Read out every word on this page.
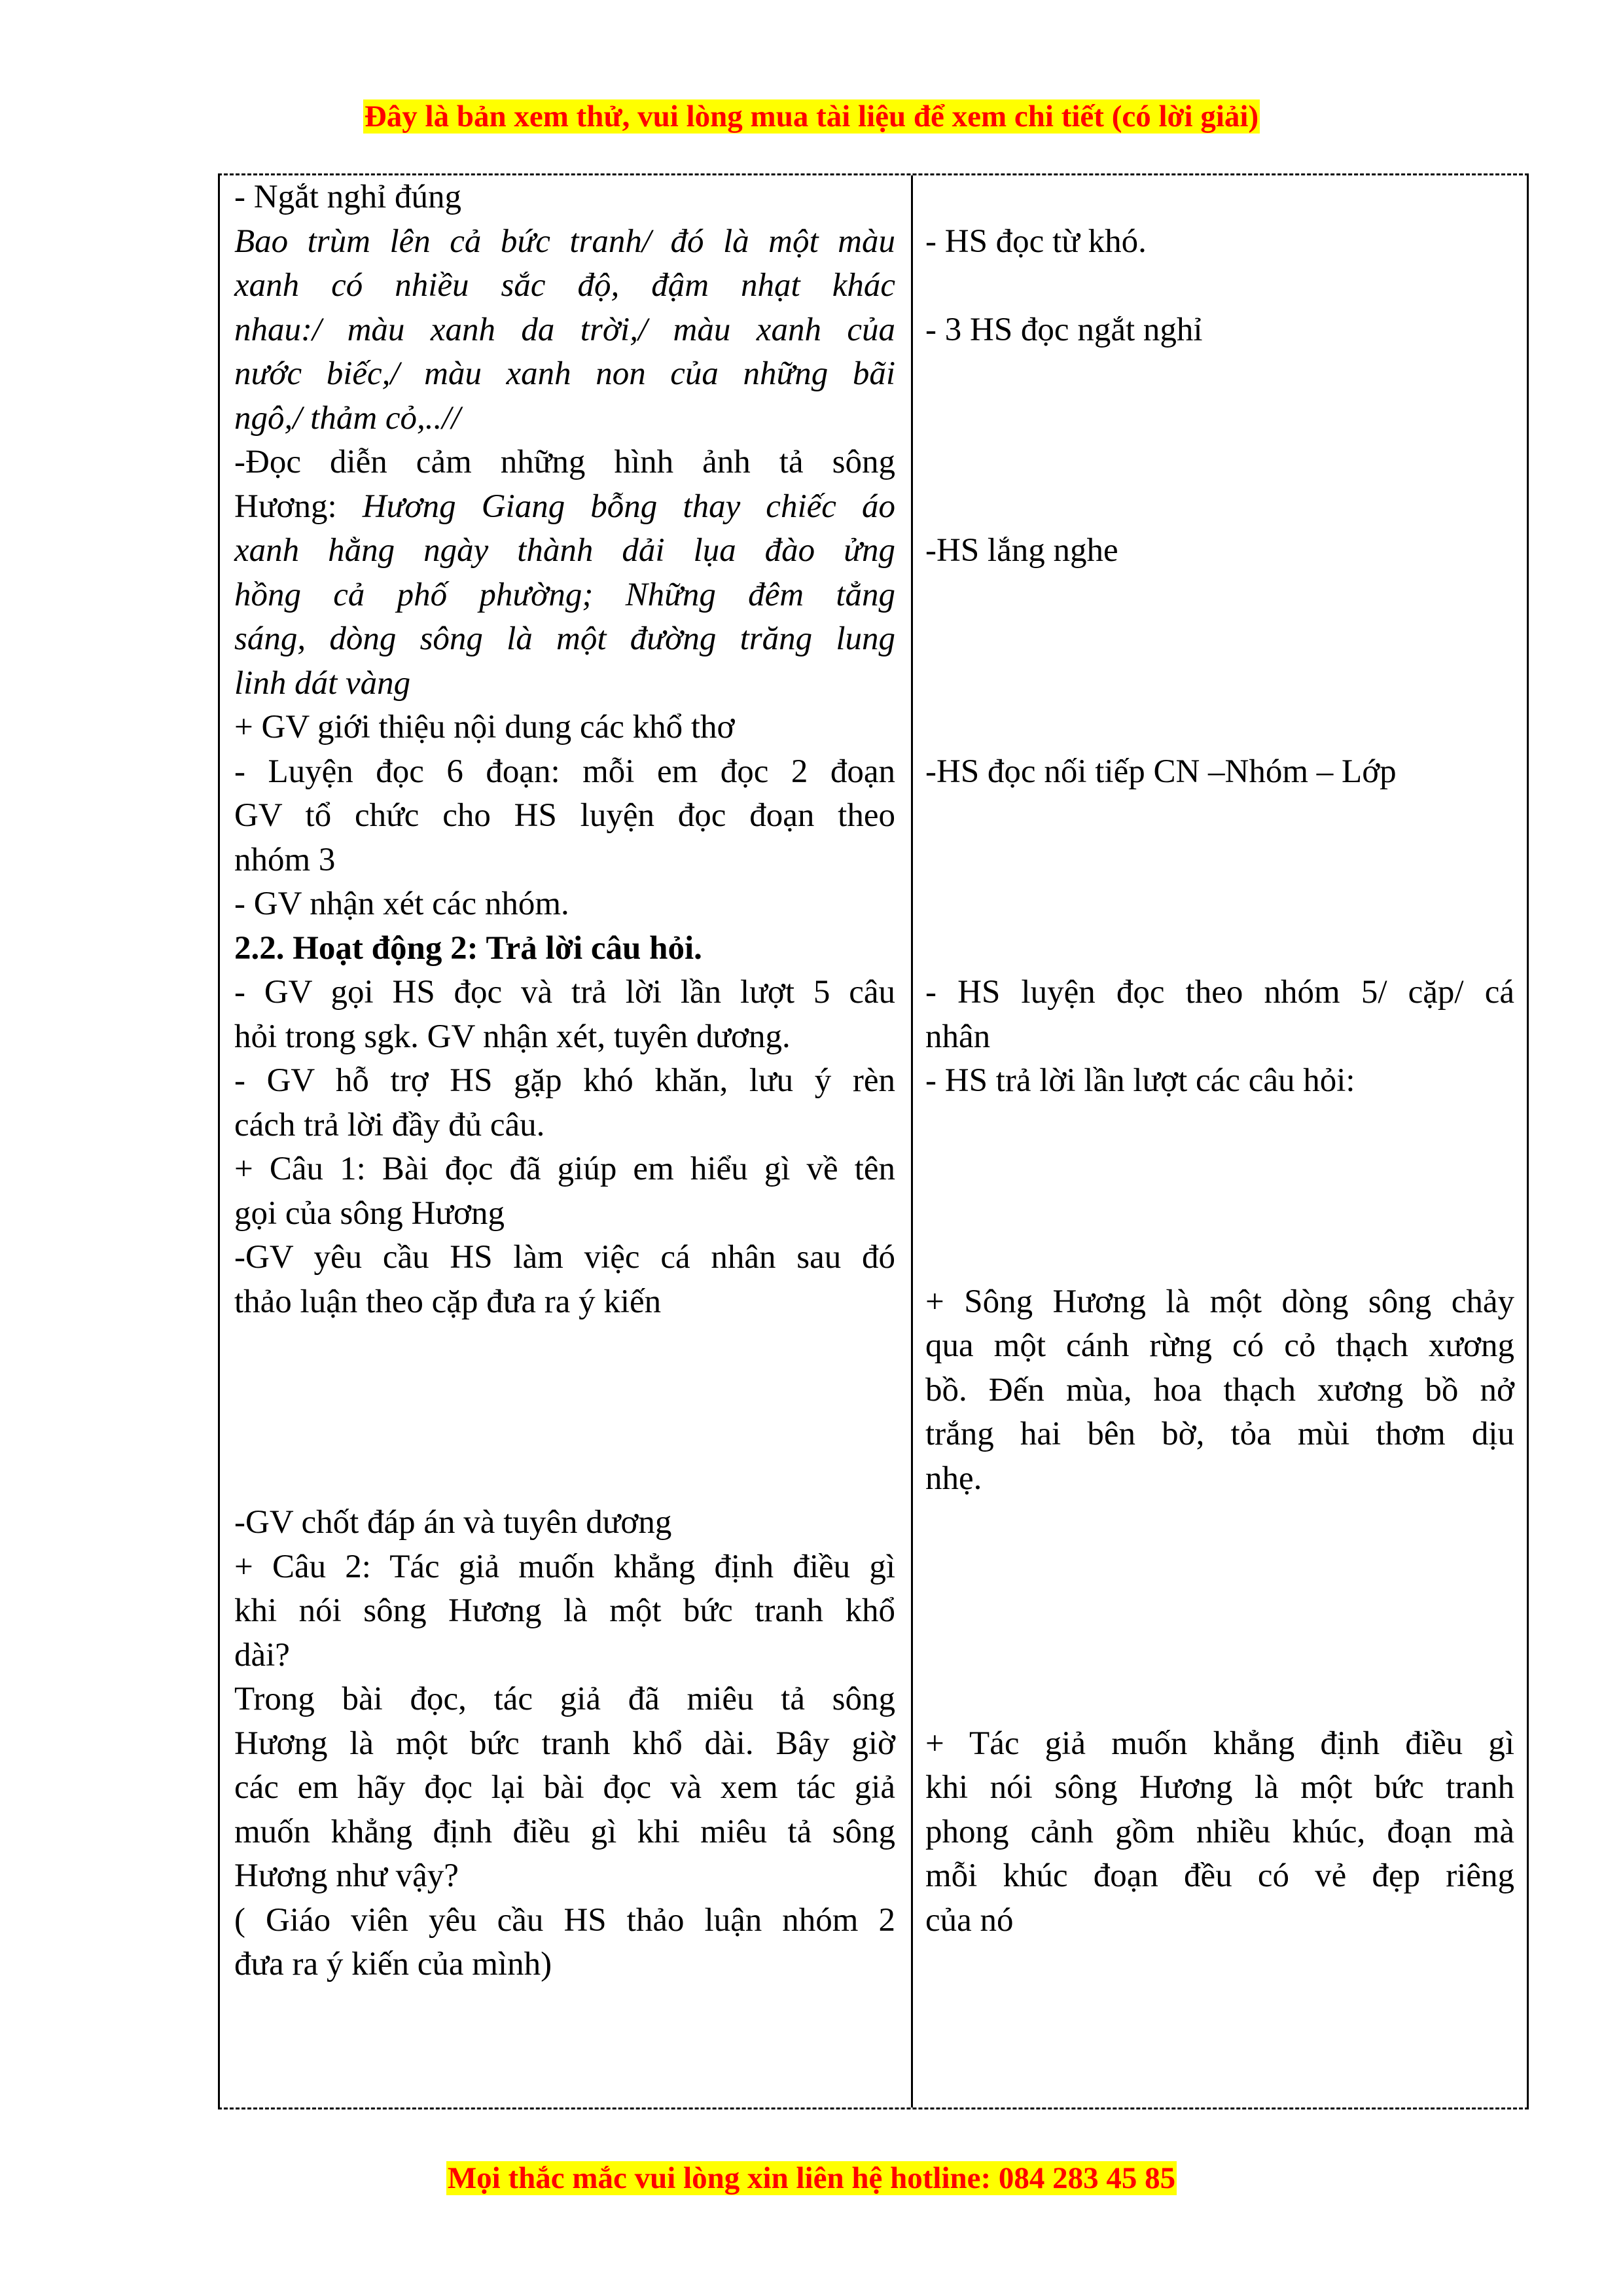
Đây là bản xem thử, vui lòng mua tài liệu để xem chi tiết (có lời giải)
- Ngắt nghỉ đúng
Bao trùm lên cả bức tranh/ đó là một màu
xanh có nhiều sắc độ, đậm nhạt khác
nhau:/ màu xanh da trời,/ màu xanh của
nước biếc,/ màu xanh non của những bãi
ngô,/ thảm cỏ,..//
-Đọc diễn cảm những hình ảnh tả sông
Hương: Hương Giang bỗng thay chiếc áo
xanh hằng ngày thành dải lụa đào ửng
hồng cả phố phường; Những đêm tẳng
sáng, dòng sông là một đường trăng lung
linh dát vàng
+ GV giới thiệu nội dung các khổ thơ
- Luyện đọc 6 đoạn: mỗi em đọc 2 đoạn
GV tổ chức cho HS luyện đọc đoạn theo
nhóm 3
- GV nhận xét các nhóm.
2.2. Hoạt động 2: Trả lời câu hỏi.
- GV gọi HS đọc và trả lời lần lượt 5 câu
hỏi trong sgk. GV nhận xét, tuyên dương.
- GV hỗ trợ HS gặp khó khăn, lưu ý rèn
cách trả lời đầy đủ câu.
+ Câu 1: Bài đọc đã giúp em hiểu gì về tên
gọi của sông Hương
-GV yêu cầu HS làm việc cá nhân sau đó
thảo luận theo cặp đưa ra ý kiến
-GV chốt đáp án và tuyên dương
+ Câu 2: Tác giả muốn khẳng định điều gì
khi nói sông Hương là một bức tranh khổ
dài?
Trong bài đọc, tác giả đã miêu tả sông
Hương là một bức tranh khổ dài. Bây giờ
các em hãy đọc lại bài đọc và xem tác giả
muốn khẳng định điều gì khi miêu tả sông
Hương như vậy?
( Giáo viên yêu cầu HS thảo luận nhóm 2
đưa ra ý kiến của mình)
- HS đọc từ khó.
- 3 HS đọc ngắt nghỉ
-HS lắng nghe
-HS đọc nối tiếp CN –Nhóm – Lớp
- HS luyện đọc theo nhóm 5/ cặp/ cá
nhân
- HS trả lời lần lượt các câu hỏi:
+ Sông Hương là một dòng sông chảy
qua một cánh rừng có cỏ thạch xương
bồ. Đến mùa, hoa thạch xương bồ nở
trắng hai bên bờ, tỏa mùi thơm dịu
nhẹ.
+ Tác giả muốn khẳng định điều gì
khi nói sông Hương là một bức tranh
phong cảnh gồm nhiều khúc, đoạn mà
mỗi khúc đoạn đều có vẻ đẹp riêng
của nó
Mọi thắc mắc vui lòng xin liên hệ hotline: 084 283 45 85
